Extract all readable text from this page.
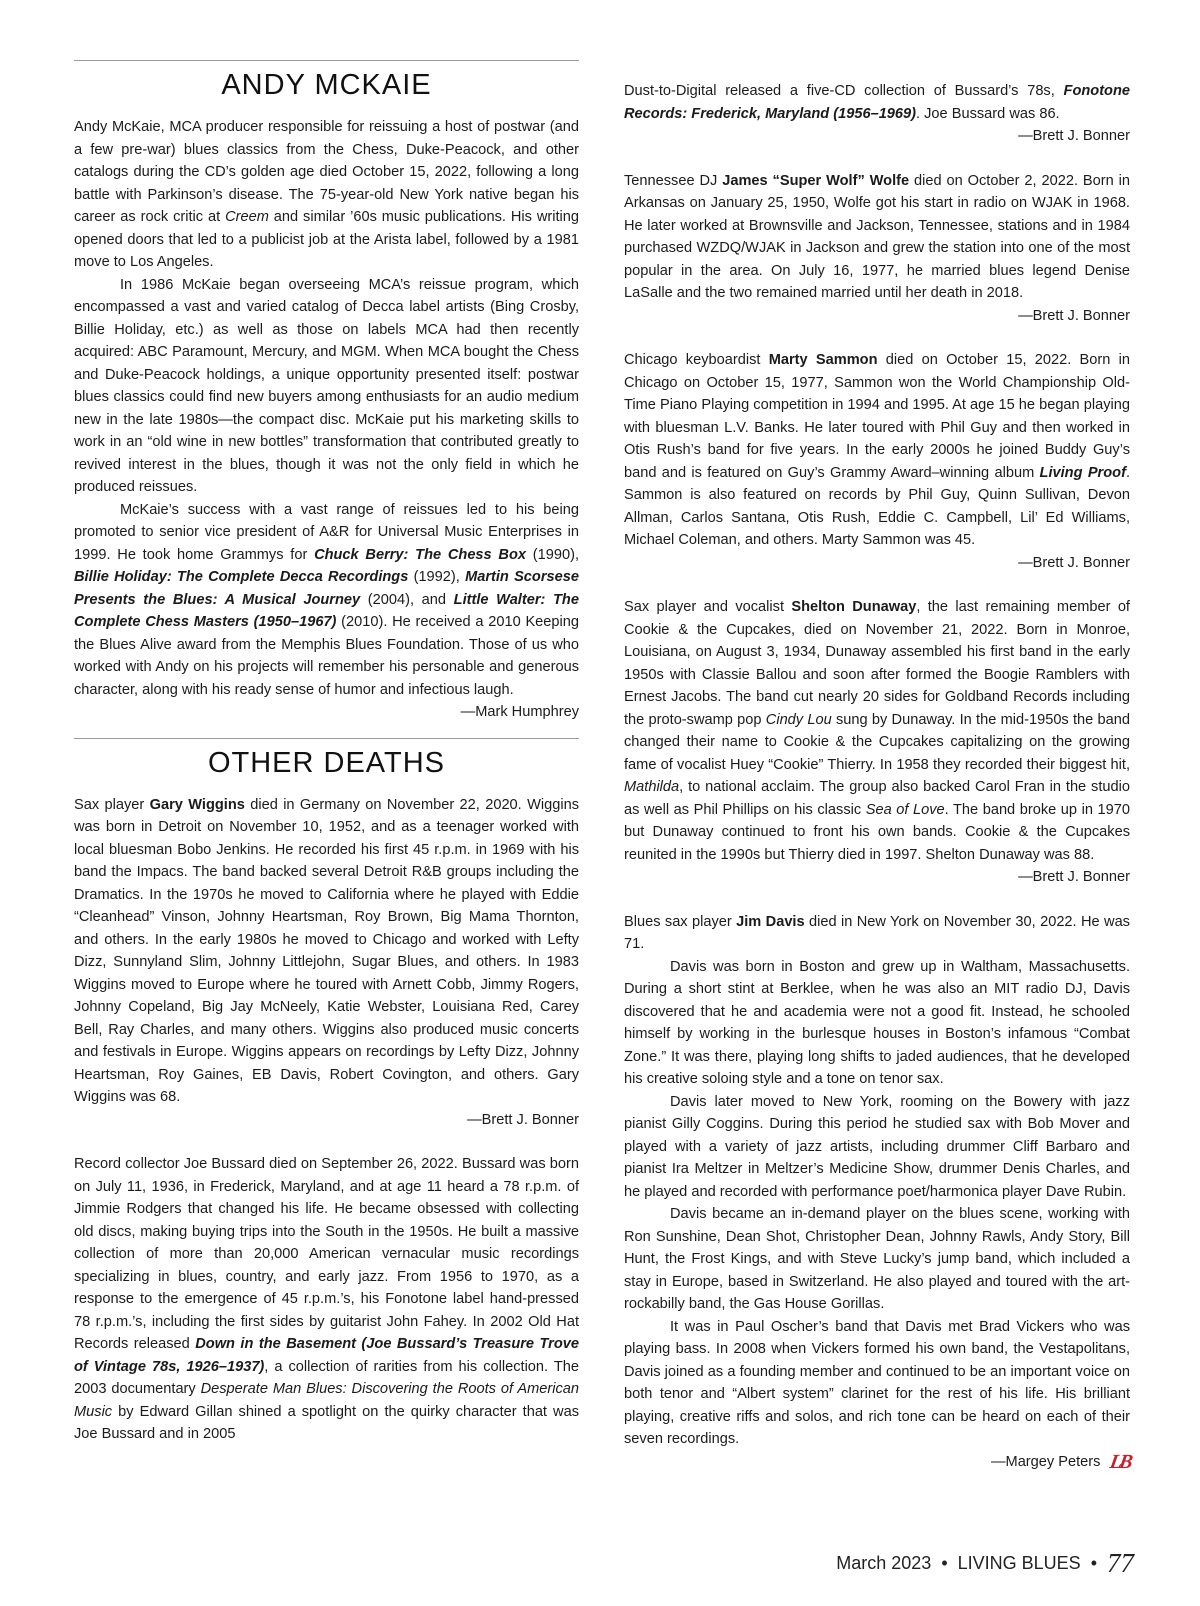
ANDY MCKAIE

Andy McKaie, MCA producer responsible for reissuing a host of postwar (and a few pre-war) blues classics from the Chess, Duke-Peacock, and other catalogs during the CD’s golden age died October 15, 2022, following a long battle with Parkinson’s disease. The 75-year-old New York native began his career as rock critic at Creem and similar ’60s music publications. His writing opened doors that led to a publicist job at the Arista label, followed by a 1981 move to Los Angeles.

In 1986 McKaie began overseeing MCA’s reissue program, which encompassed a vast and varied catalog of Decca label artists (Bing Crosby, Billie Holiday, etc.) as well as those on labels MCA had then recently acquired: ABC Paramount, Mercury, and MGM. When MCA bought the Chess and Duke-Peacock holdings, a unique opportunity presented itself: postwar blues classics could find new buyers among enthusiasts for an audio medium new in the late 1980s—the compact disc. McKaie put his marketing skills to work in an “old wine in new bottles” transformation that contributed greatly to revived interest in the blues, though it was not the only field in which he produced reissues.

McKaie’s success with a vast range of reissues led to his being promoted to senior vice president of A&R for Universal Music Enterprises in 1999. He took home Grammys for Chuck Berry: The Chess Box (1990), Billie Holiday: The Complete Decca Recordings (1992), Martin Scorsese Presents the Blues: A Musical Journey (2004), and Little Walter: The Complete Chess Masters (1950–1967) (2010). He received a 2010 Keeping the Blues Alive award from the Memphis Blues Foundation. Those of us who worked with Andy on his projects will remember his personable and generous character, along with his ready sense of humor and infectious laugh.

—Mark Humphrey
OTHER DEATHS

Sax player Gary Wiggins died in Germany on November 22, 2020. Wiggins was born in Detroit on November 10, 1952, and as a teenager worked with local bluesman Bobo Jenkins. He recorded his first 45 r.p.m. in 1969 with his band the Impacs. The band backed several Detroit R&B groups including the Dramatics. In the 1970s he moved to California where he played with Eddie “Cleanhead” Vinson, Johnny Heartsman, Roy Brown, Big Mama Thornton, and others. In the early 1980s he moved to Chicago and worked with Lefty Dizz, Sunnyland Slim, Johnny Littlejohn, Sugar Blues, and others. In 1983 Wiggins moved to Europe where he toured with Arnett Cobb, Jimmy Rogers, Johnny Copeland, Big Jay McNeely, Katie Webster, Louisiana Red, Carey Bell, Ray Charles, and many others. Wiggins also produced music concerts and festivals in Europe. Wiggins appears on recordings by Lefty Dizz, Johnny Heartsman, Roy Gaines, EB Davis, Robert Covington, and others. Gary Wiggins was 68.

—Brett J. Bonner

Record collector Joe Bussard died on September 26, 2022. Bussard was born on July 11, 1936, in Frederick, Maryland, and at age 11 heard a 78 r.p.m. of Jimmie Rodgers that changed his life. He became obsessed with collecting old discs, making buying trips into the South in the 1950s. He built a massive collection of more than 20,000 American vernacular music recordings specializing in blues, country, and early jazz. From 1956 to 1970, as a response to the emergence of 45 r.p.m.’s, his Fonotone label hand-pressed 78 r.p.m.’s, including the first sides by guitarist John Fahey. In 2002 Old Hat Records released Down in the Basement (Joe Bussard’s Treasure Trove of Vintage 78s, 1926–1937), a collection of rarities from his collection. The 2003 documentary Desperate Man Blues: Discovering the Roots of American Music by Edward Gillan shined a spotlight on the quirky character that was Joe Bussard and in 2005

Dust-to-Digital released a five-CD collection of Bussard’s 78s, Fonotone Records: Frederick, Maryland (1956–1969). Joe Bussard was 86.

—Brett J. Bonner

Tennessee DJ James “Super Wolf” Wolfe died on October 2, 2022. Born in Arkansas on January 25, 1950, Wolfe got his start in radio on WJAK in 1968. He later worked at Brownsville and Jackson, Tennessee, stations and in 1984 purchased WZDQ/WJAK in Jackson and grew the station into one of the most popular in the area. On July 16, 1977, he married blues legend Denise LaSalle and the two remained married until her death in 2018.

—Brett J. Bonner

Chicago keyboardist Marty Sammon died on October 15, 2022. Born in Chicago on October 15, 1977, Sammon won the World Championship Old-Time Piano Playing competition in 1994 and 1995. At age 15 he began playing with bluesman L.V. Banks. He later toured with Phil Guy and then worked in Otis Rush’s band for five years. In the early 2000s he joined Buddy Guy’s band and is featured on Guy’s Grammy Award–winning album Living Proof. Sammon is also featured on records by Phil Guy, Quinn Sullivan, Devon Allman, Carlos Santana, Otis Rush, Eddie C. Campbell, Lil’ Ed Williams, Michael Coleman, and others. Marty Sammon was 45.

—Brett J. Bonner

Sax player and vocalist Shelton Dunaway, the last remaining member of Cookie & the Cupcakes, died on November 21, 2022. Born in Monroe, Louisiana, on August 3, 1934, Dunaway assembled his first band in the early 1950s with Classie Ballou and soon after formed the Boogie Ramblers with Ernest Jacobs. The band cut nearly 20 sides for Goldband Records including the proto-swamp pop Cindy Lou sung by Dunaway. In the mid-1950s the band changed their name to Cookie & the Cupcakes capitalizing on the growing fame of vocalist Huey “Cookie” Thierry. In 1958 they recorded their biggest hit, Mathilda, to national acclaim. The group also backed Carol Fran in the studio as well as Phil Phillips on his classic Sea of Love. The band broke up in 1970 but Dunaway continued to front his own bands. Cookie & the Cupcakes reunited in the 1990s but Thierry died in 1997. Shelton Dunaway was 88.

—Brett J. Bonner

Blues sax player Jim Davis died in New York on November 30, 2022. He was 71.

Davis was born in Boston and grew up in Waltham, Massachusetts. During a short stint at Berklee, when he was also an MIT radio DJ, Davis discovered that he and academia were not a good fit. Instead, he schooled himself by working in the burlesque houses in Boston’s infamous “Combat Zone.” It was there, playing long shifts to jaded audiences, that he developed his creative soloing style and a tone on tenor sax.

Davis later moved to New York, rooming on the Bowery with jazz pianist Gilly Coggins. During this period he studied sax with Bob Mover and played with a variety of jazz artists, including drummer Cliff Barbaro and pianist Ira Meltzer in Meltzer’s Medicine Show, drummer Denis Charles, and he played and recorded with performance poet/harmonica player Dave Rubin.

Davis became an in-demand player on the blues scene, working with Ron Sunshine, Dean Shot, Christopher Dean, Johnny Rawls, Andy Story, Bill Hunt, the Frost Kings, and with Steve Lucky’s jump band, which included a stay in Europe, based in Switzerland. He also played and toured with the art-rockabilly band, the Gas House Gorillas.

It was in Paul Oscher’s band that Davis met Brad Vickers who was playing bass. In 2008 when Vickers formed his own band, the Vestapolitans, Davis joined as a founding member and continued to be an important voice on both tenor and “Albert system” clarinet for the rest of his life. His brilliant playing, creative riffs and solos, and rich tone can be heard on each of their seven recordings.

—Margey Peters LB
March 2023 • LIVING BLUES • 77
